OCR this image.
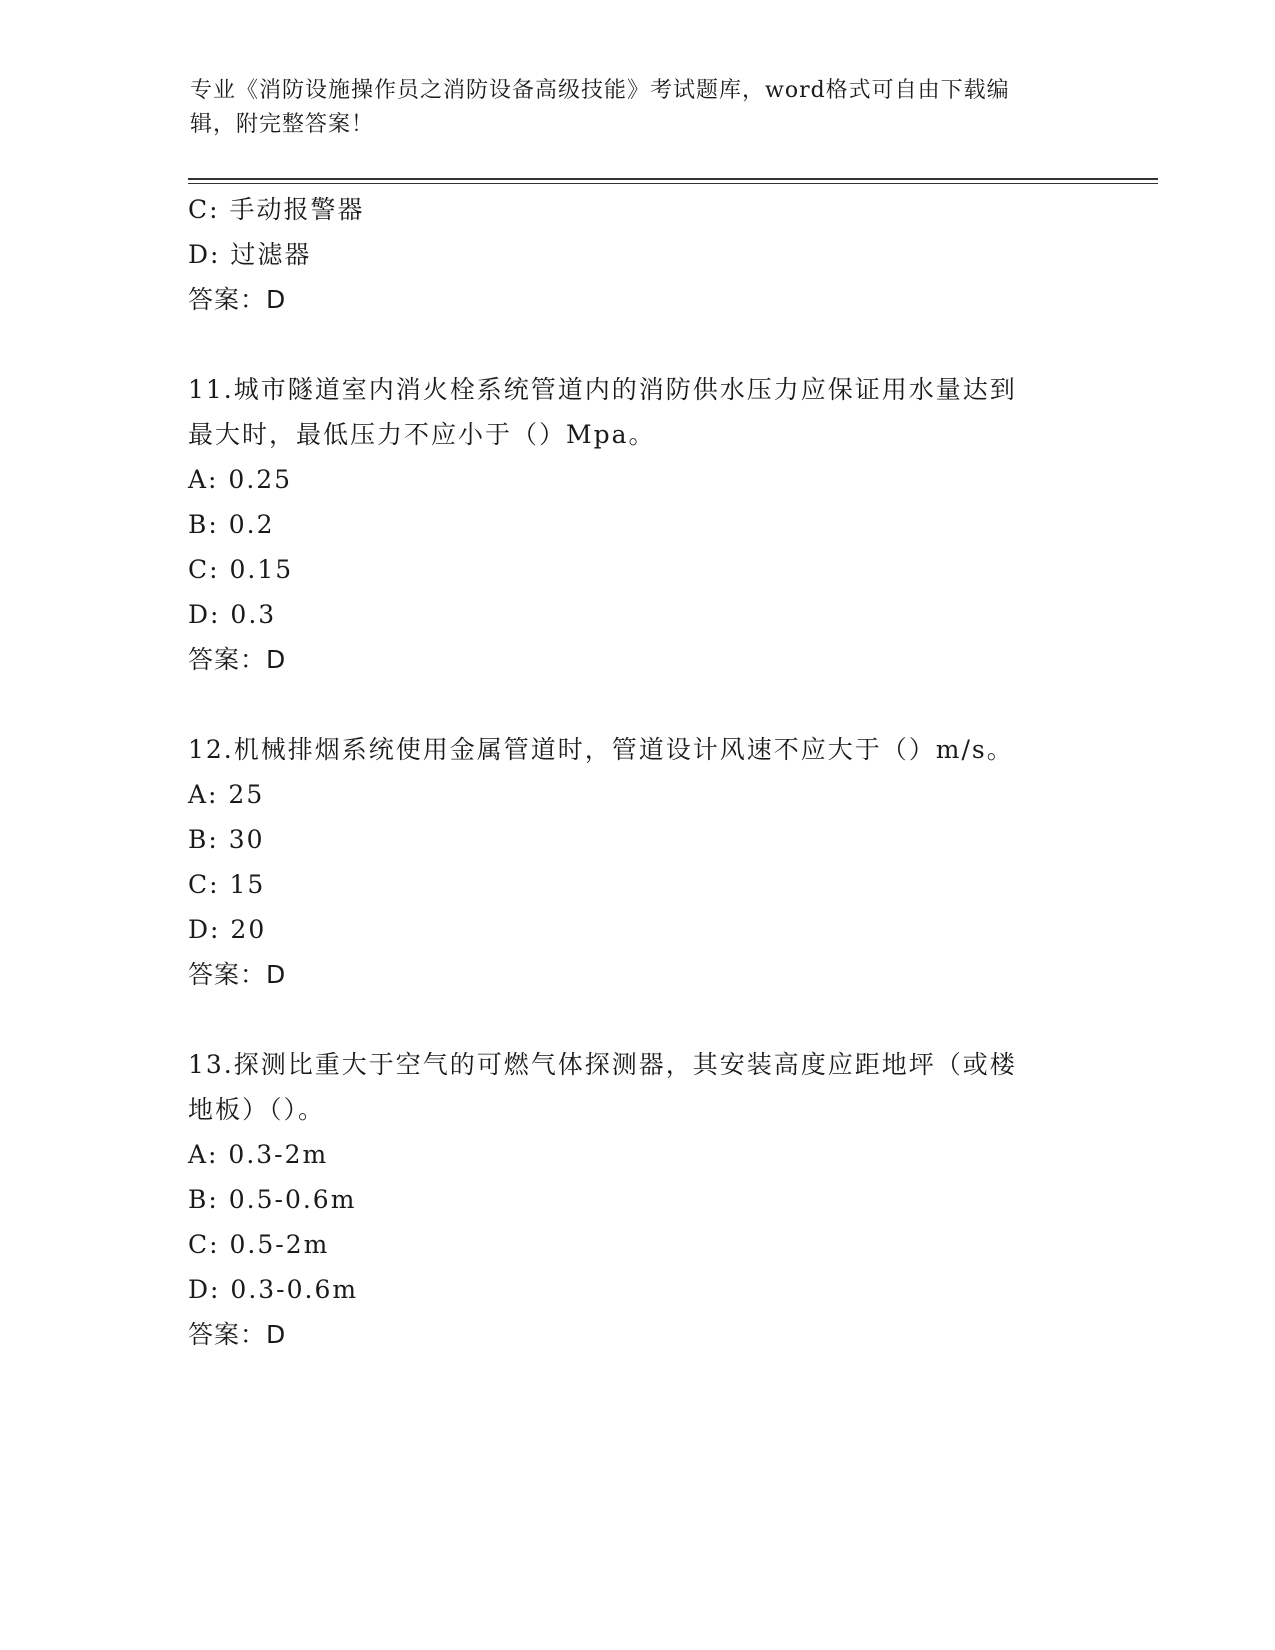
专业《消防设施操作员之消防设备高级技能》考试题库，word格式可自由下载编
辑，附完整答案！
C: 手动报警器
D: 过滤器
答案：D
11.城市隧道室内消火栓系统管道内的消防供水压力应保证用水量达到
最大时，最低压力不应小于（）Mpa。
A: 0.25
B: 0.2
C: 0.15
D: 0.3
答案：D
12.机械排烟系统使用金属管道时，管道设计风速不应大于（）m/s。
A: 25
B: 30
C: 15
D: 20
答案：D
13.探测比重大于空气的可燃气体探测器，其安装高度应距地坪（或楼
地板）（）。
A: 0.3-2m
B: 0.5-0.6m
C: 0.5-2m
D: 0.3-0.6m
答案：D
